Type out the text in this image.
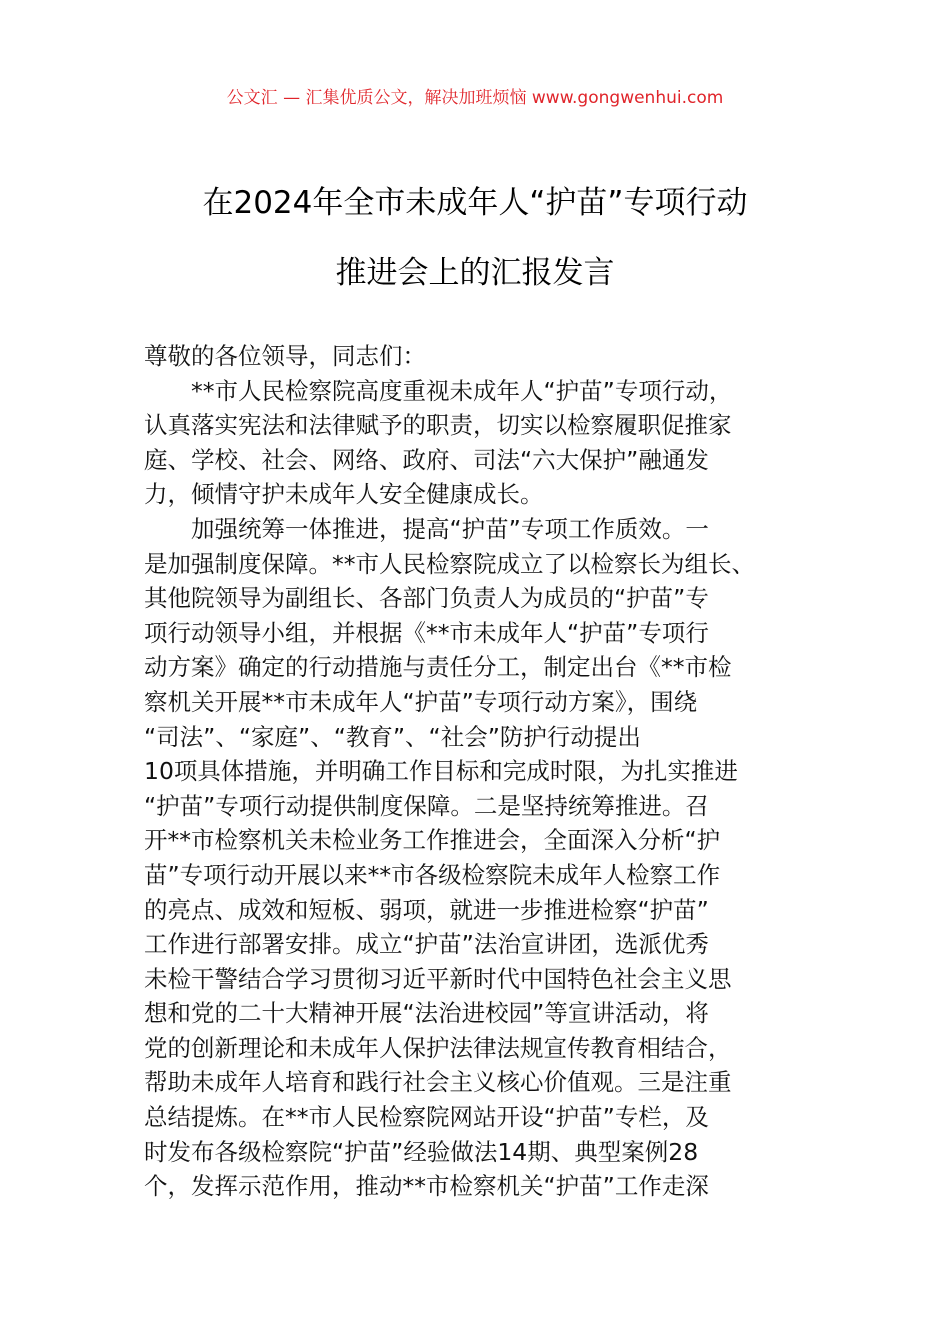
公文汇 — 汇集优质公文，解决加班烦恼 www.gongwenhui.com
在2024年全市未成年人“护苗”专项行动
推进会上的汇报发言
尊敬的各位领导，同志们：
　　**市人民检察院高度重视未成年人“护苗”专项行动，
认真落实宪法和法律赋予的职责，切实以检察履职促推家
庭、学校、社会、网络、政府、司法“六大保护”融通发
力，倾情守护未成年人安全健康成长。
　　加强统筹一体推进，提高“护苗”专项工作质效。一
是加强制度保障。**市人民检察院成立了以检察长为组长、
其他院领导为副组长、各部门负责人为成员的“护苗”专
项行动领导小组，并根据《**市未成年人“护苗”专项行
动方案》确定的行动措施与责任分工，制定出台《**市检
察机关开展**市未成年人“护苗”专项行动方案》，围绕
“司法”、“家庭”、“教育”、“社会”防护行动提出
10项具体措施，并明确工作目标和完成时限，为扎实推进
“护苗”专项行动提供制度保障。二是坚持统筹推进。召
开**市检察机关未检业务工作推进会，全面深入分析“护
苗”专项行动开展以来**市各级检察院未成年人检察工作
的亮点、成效和短板、弱项，就进一步推进检察“护苗”
工作进行部署安排。成立“护苗”法治宣讲团，选派优秀
未检干警结合学习贯彻习近平新时代中国特色社会主义思
想和党的二十大精神开展“法治进校园”等宣讲活动，将
党的创新理论和未成年人保护法律法规宣传教育相结合，
帮助未成年人培育和践行社会主义核心价值观。三是注重
总结提炼。在**市人民检察院网站开设“护苗”专栏，及
时发布各级检察院“护苗”经验做法14期、典型案例28
个，发挥示范作用，推动**市检察机关“护苗”工作走深
